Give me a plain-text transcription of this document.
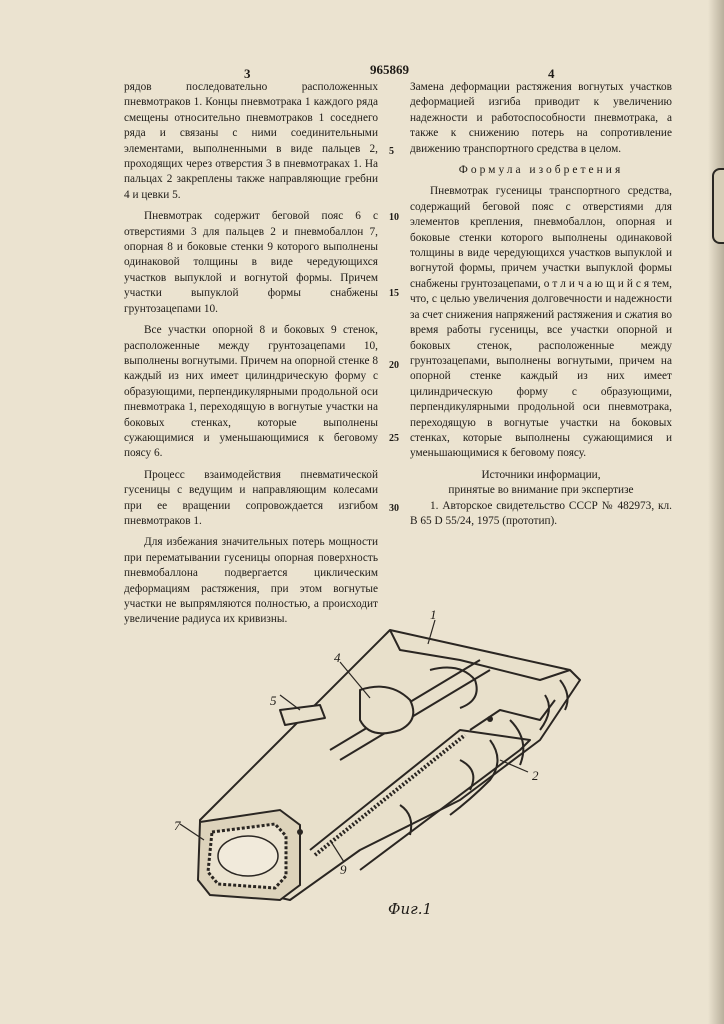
3	965869	4

рядов последовательно расположенных пневмотраков 1. Концы пневмотрака 1 каждого ряда смещены относительно пневмотраков 1 соседнего ряда и связаны с ними соединительными элементами, выполненными в виде пальцев 2, проходящих через отверстия 3 в пневмотраках 1. На пальцах 2 закреплены также направляющие гребни 4 и цевки 5.

Пневмотрак содержит беговой пояс 6 с отверстиями 3 для пальцев 2 и пневмобаллон 7, опорная 8 и боковые стенки 9 которого выполнены одинаковой толщины в виде чередующихся участков выпуклой и вогнутой формы. Причем участки выпуклой формы снабжены грунтозацепами 10.

Все участки опорной 8 и боковых 9 стенок, расположенные между грунтозацепами 10, выполнены вогнутыми. Причем на опорной стенке 8 каждый из них имеет цилиндрическую форму с образующими, перпендикулярными продольной оси пневмотрака 1, переходящую в вогнутые участки на боковых стенках, которые выполнены сужающимися и уменьшающимися к беговому поясу 6.

Процесс взаимодействия пневматической гусеницы с ведущим и направляющим колесами при ее вращении сопровождается изгибом пневмотраков 1.

Для избежания значительных потерь мощности при перематывании гусеницы опорная поверхность пневмобаллона подвергается циклическим деформациям растяжения, при этом вогнутые участки не выпрямляются полностью, а происходит увеличение радиуса их кривизны.

5
10
15
20
25
30

Замена деформации растяжения вогнутых участков деформацией изгиба приводит к увеличению надежности и работоспособности пневмотрака, а также к снижению потерь на сопротивление движению транспортного средства в целом.

Формула изобретения

Пневмотрак гусеницы транспортного средства, содержащий беговой пояс с отверстиями для элементов крепления, пневмобаллон, опорная и боковые стенки которого выполнены одинаковой толщины в виде чередующихся участков выпуклой и вогнутой формы, причем участки выпуклой формы снабжены грунтозацепами, о т л и ч а ю щ и й с я тем, что, с целью увеличения долговечности и надежности за счет снижения напряжений растяжения и сжатия во время работы гусеницы, все участки опорной и боковых стенок, расположенные между грунтозацепами, выполнены вогнутыми, причем на опорной стенке каждый из них имеет цилиндрическую форму с образующими, перпендикулярными продольной оси пневмотрака, переходящую в вогнутые участки на боковых стенках, которые выполнены сужающимися и уменьшающимися к беговому поясу.

Источники информации,

принятые во внимание при экспертизе

1. Авторское свидетельство СССР № 482973, кл. В 65 D 55/24, 1975 (прототип).

1
4
5
2
7
9
Фиг.1
